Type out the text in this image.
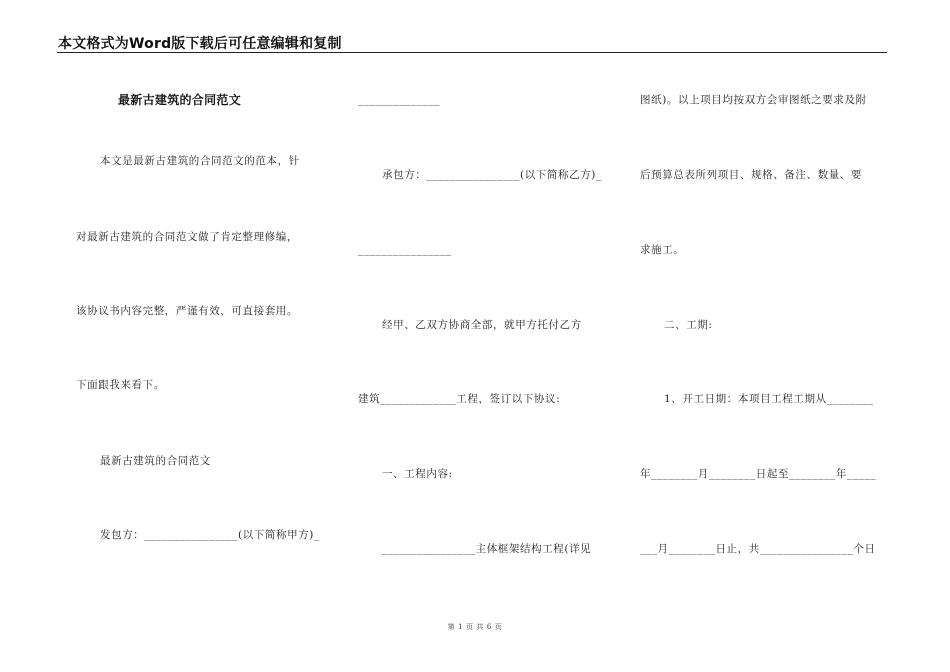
本文格式为Word版下载后可任意编辑和复制
最新古建筑的合同范文
本文是最新古建筑的合同范文的范本，针
对最新古建筑的合同范文做了肯定整理修编，
该协议书内容完整，严谨有效，可直接套用。
下面跟我来看下。
最新古建筑的合同范文
发包方：________________(以下简称甲方)_
______________
承包方：________________(以下简称乙方)_
________________
经甲、乙双方协商全部，就甲方托付乙方
建筑_____________工程，签订以下协议:
一、工程内容:
________________主体框架结构工程(详见
图纸)。以上项目均按双方会审图纸之要求及附
后预算总表所列项目、规格、备注、数量、要
求施工。
二、工期:
1、开工日期：本项目工程工期从________
年________月________日起至________年_____
___月________日止，共________________个日
第 1 页 共 6 页
